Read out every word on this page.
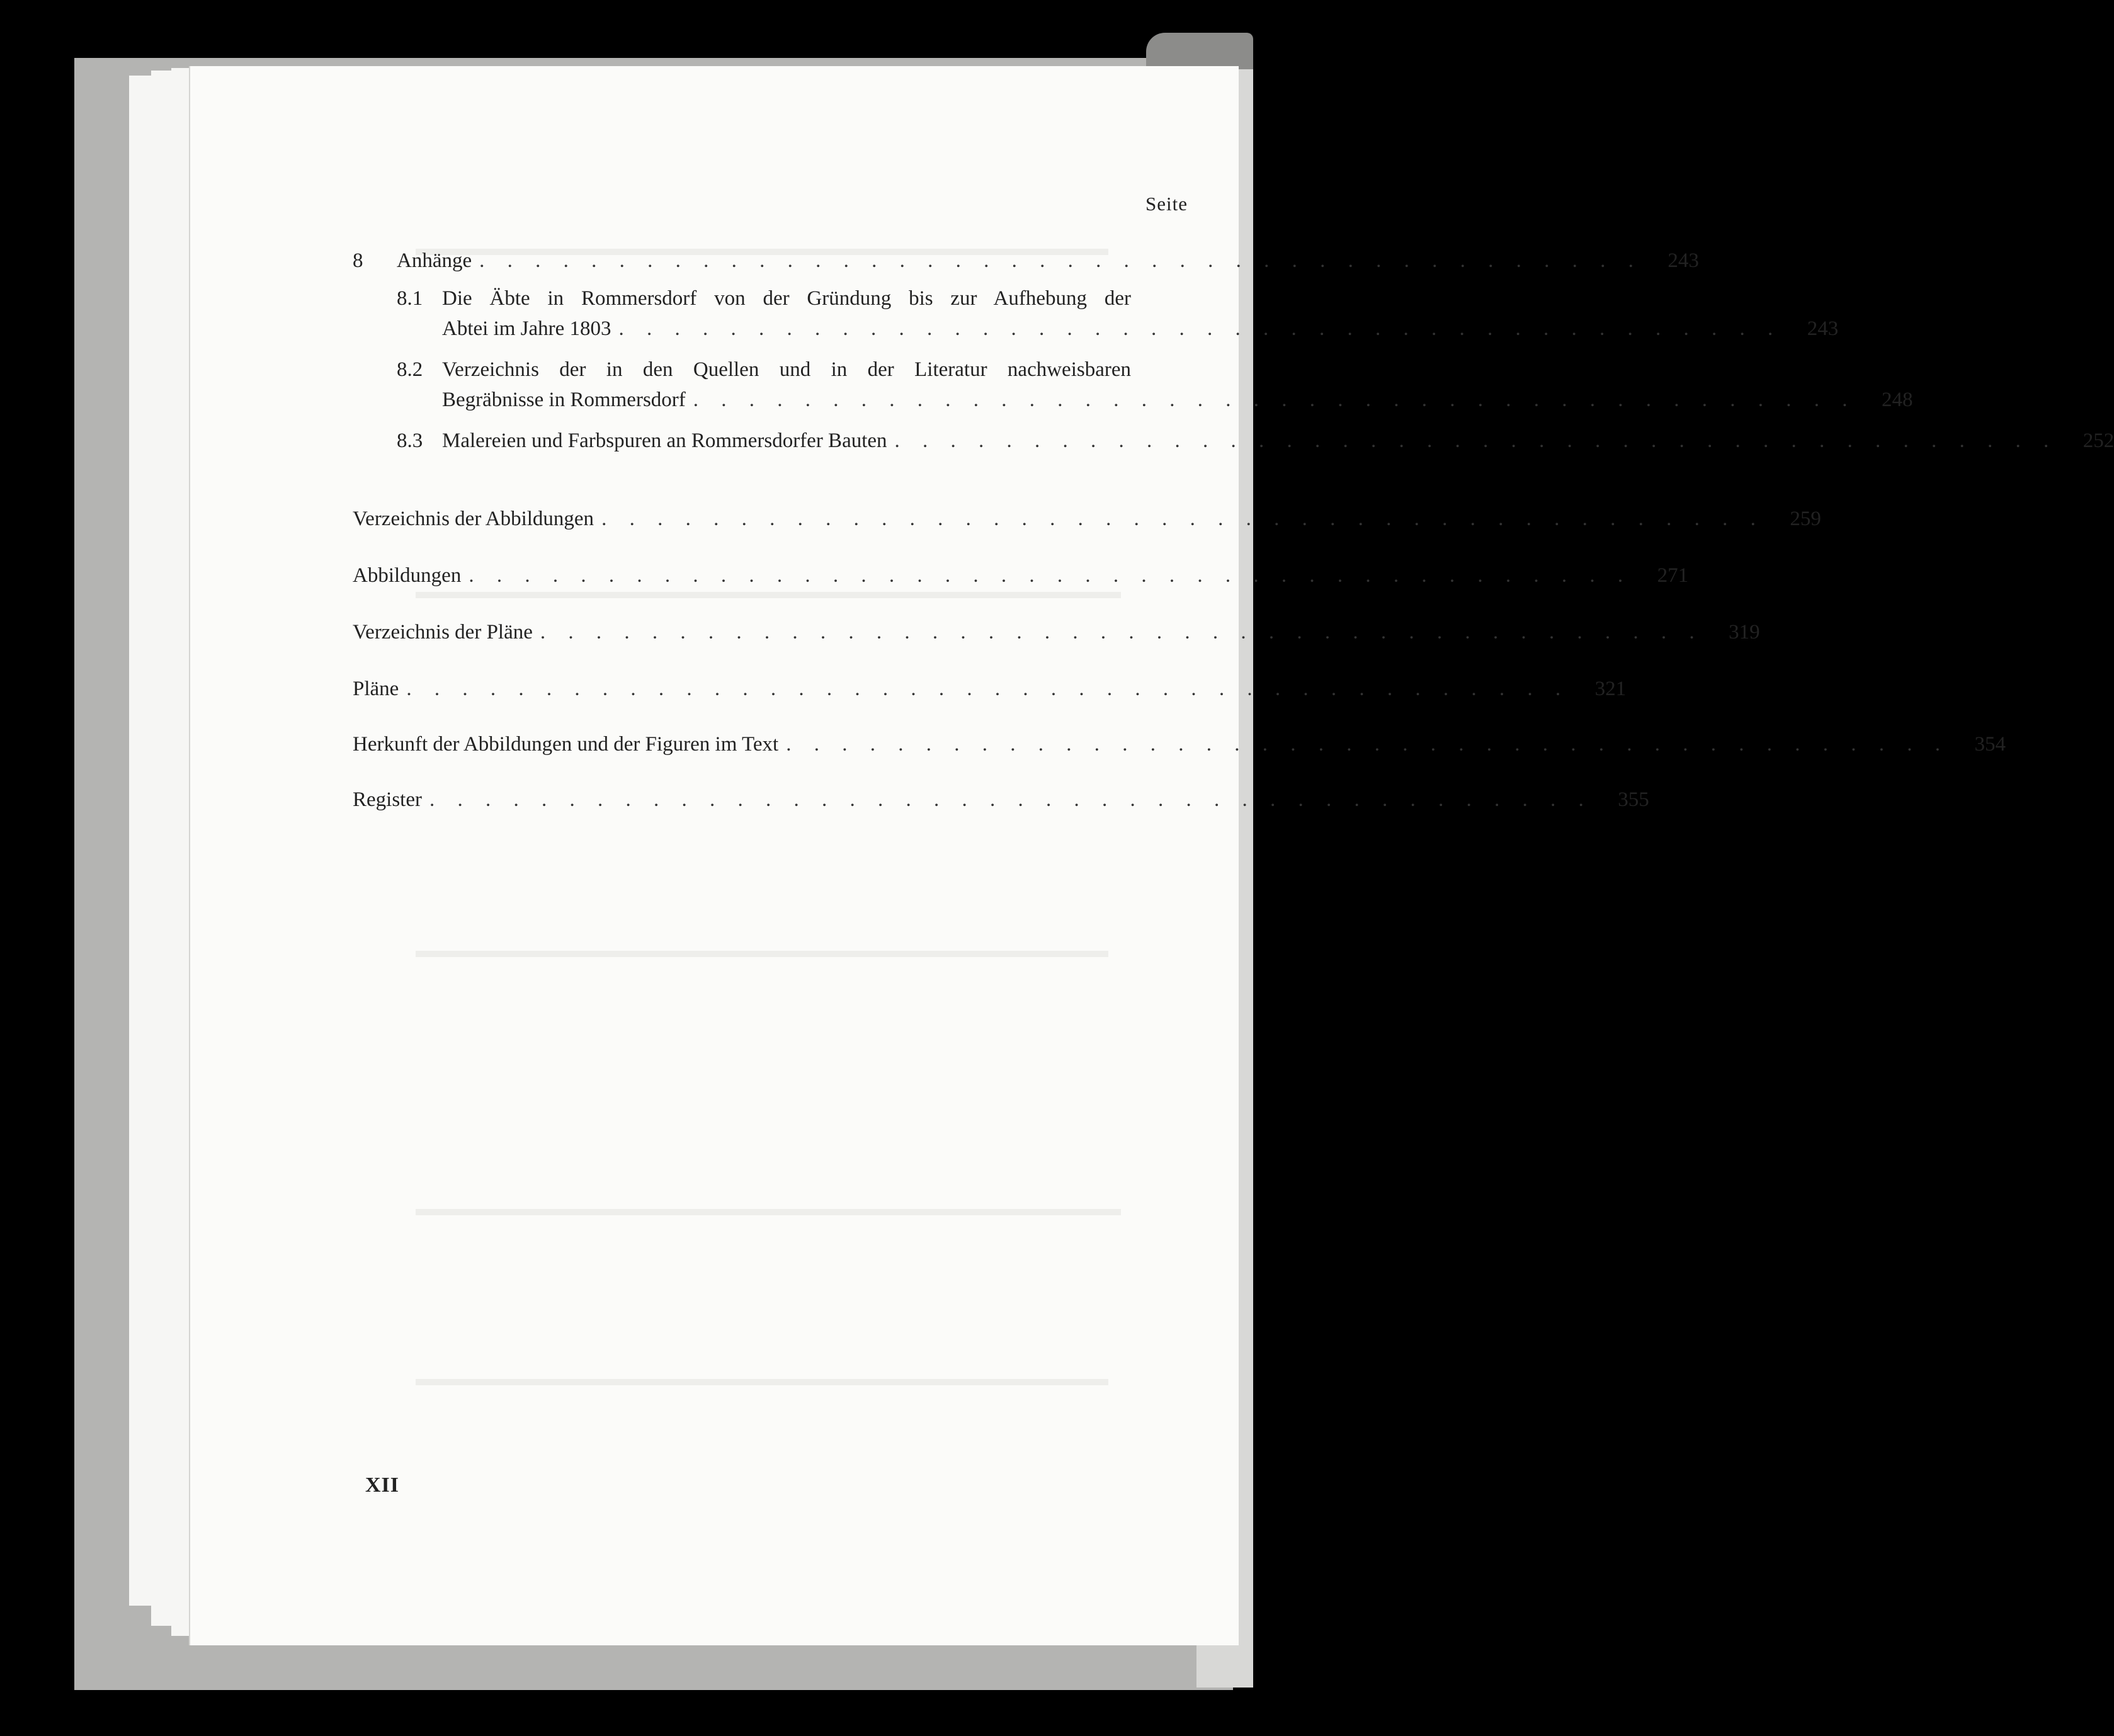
Seite
8 Anhänge . . . . . . . . . . . . . . . . . . . . . . . . . . . . . . . . . . . . . . . . . .	243
8.1 Die Äbte in Rommersdorf von der Gründung bis zur Aufhebung der
Abtei im Jahre 1803 . . . . . . . . . . . . . . . . . . . . . . . . . . . . . . . . . . . . . . . . . .	243
8.2 Verzeichnis der in den Quellen und in der Literatur nachweisbaren
Begräbnisse in Rommersdorf . . . . . . . . . . . . . . . . . . . . . . . . . . . . . . . . . . . . . . . . . .	248
8.3 Malereien und Farbspuren an Rommersdorfer Bauten . . . . . . . . . . . . . . . . . . . . . . . . . . . . . . . . . . . . . . . . . .	252
Verzeichnis der Abbildungen . . . . . . . . . . . . . . . . . . . . . . . . . . . . . . . . . . . . . . . . . .	259
Abbildungen . . . . . . . . . . . . . . . . . . . . . . . . . . . . . . . . . . . . . . . . . .	271
Verzeichnis der Pläne . . . . . . . . . . . . . . . . . . . . . . . . . . . . . . . . . . . . . . . . . .	319
Pläne . . . . . . . . . . . . . . . . . . . . . . . . . . . . . . . . . . . . . . . . . .	321
Herkunft der Abbildungen und der Figuren im Text . . . . . . . . . . . . . . . . . . . . . . . . . . . . . . . . . . . . . . . . . .	354
Register . . . . . . . . . . . . . . . . . . . . . . . . . . . . . . . . . . . . . . . . . .	355
XII
